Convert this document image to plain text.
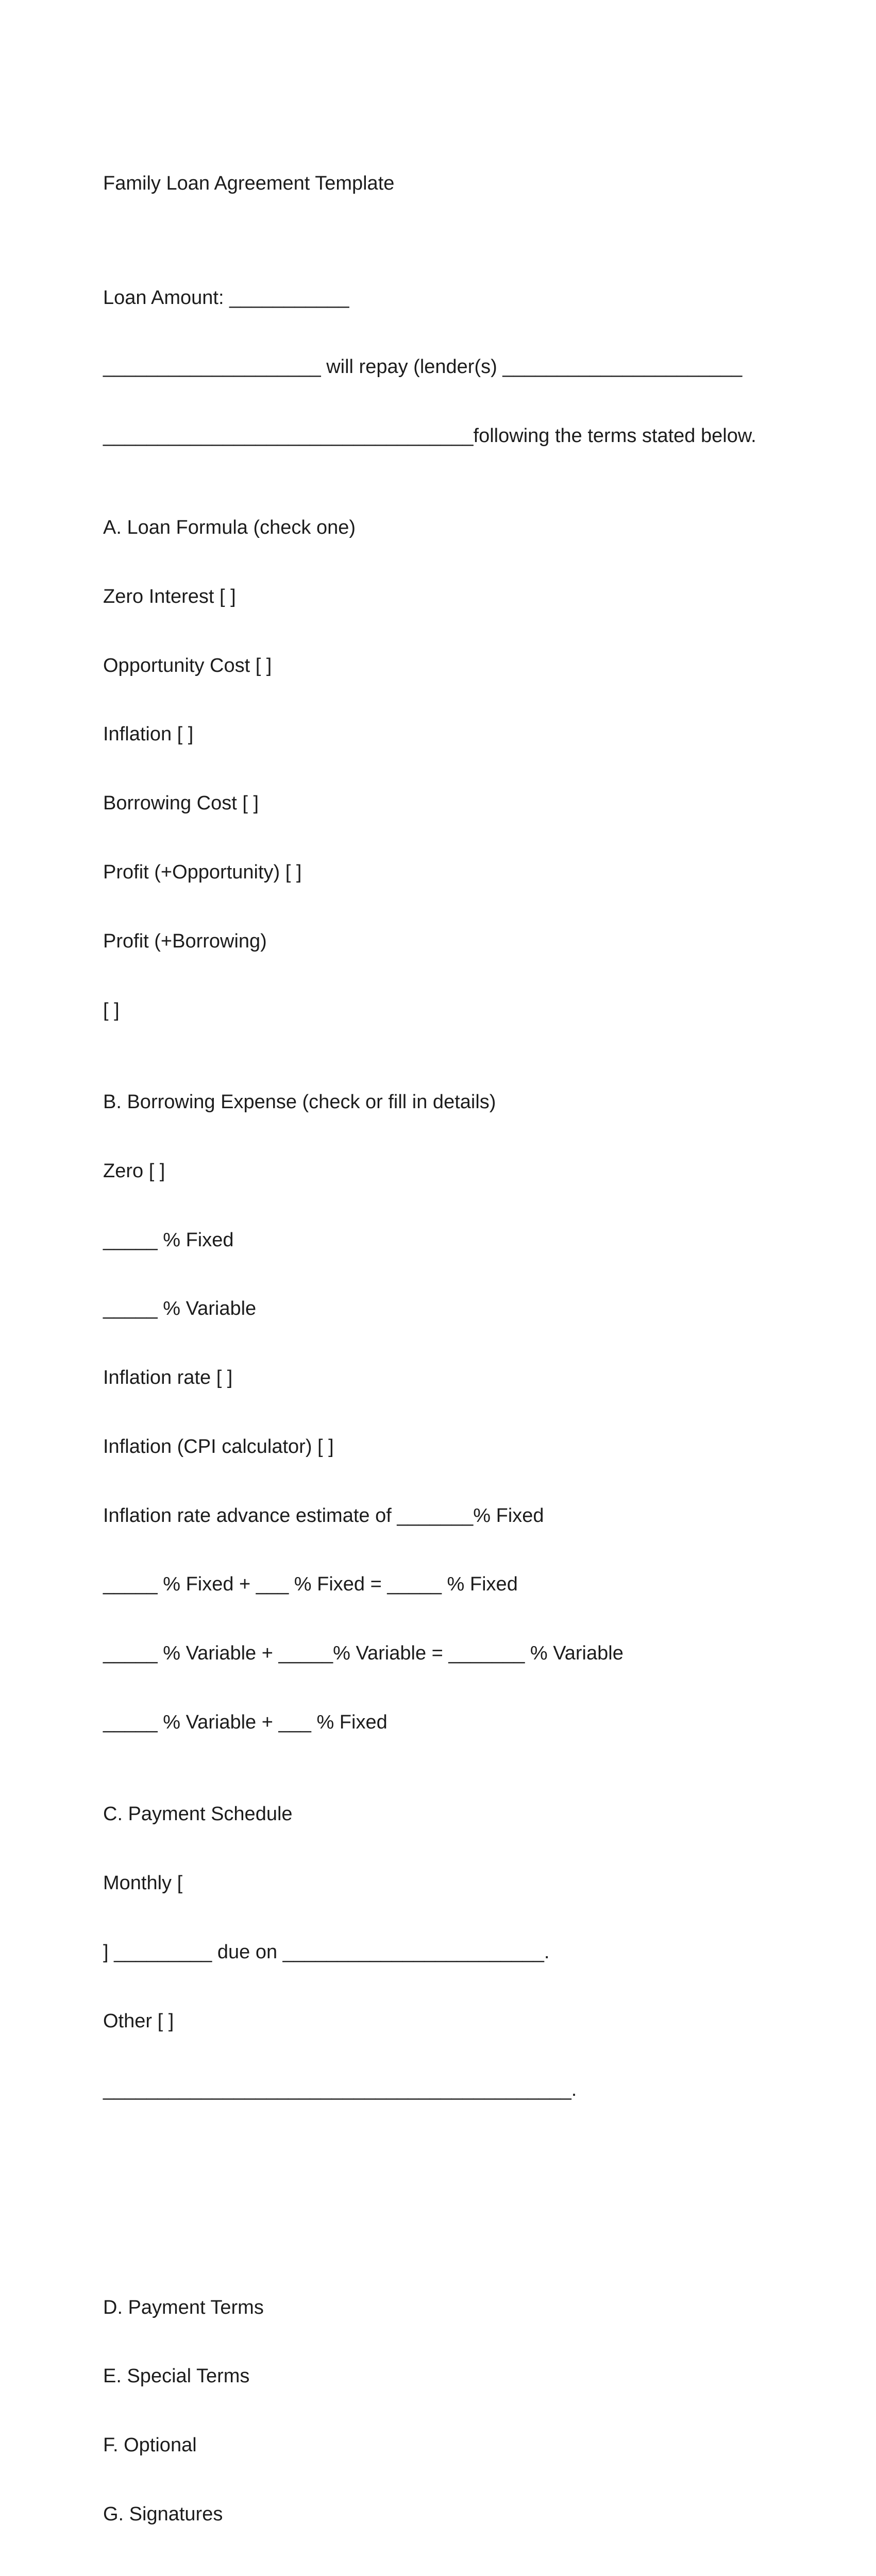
Family Loan Agreement Template

Loan Amount: ___________

____________________ will repay (lender(s) ______________________

__________________________________following the terms stated below.

A. Loan Formula (check one)

Zero Interest [ ]

Opportunity Cost [ ]

Inflation [ ]

Borrowing Cost [ ]

Profit (+Opportunity) [ ]

Profit (+Borrowing)

[ ]

B. Borrowing Expense (check or fill in details)

Zero [ ]

_____ % Fixed

_____ % Variable

Inflation rate [ ]

Inflation (CPI calculator) [ ]

Inflation rate advance estimate of _______% Fixed

_____ % Fixed + ___ % Fixed = _____ % Fixed

_____ % Variable + _____% Variable = _______ % Variable

_____ % Variable + ___ % Fixed

C. Payment Schedule

Monthly [

] _________ due on ________________________.

Other [ ]

___________________________________________.

D. Payment Terms

E. Special Terms

F. Optional

G. Signatures
